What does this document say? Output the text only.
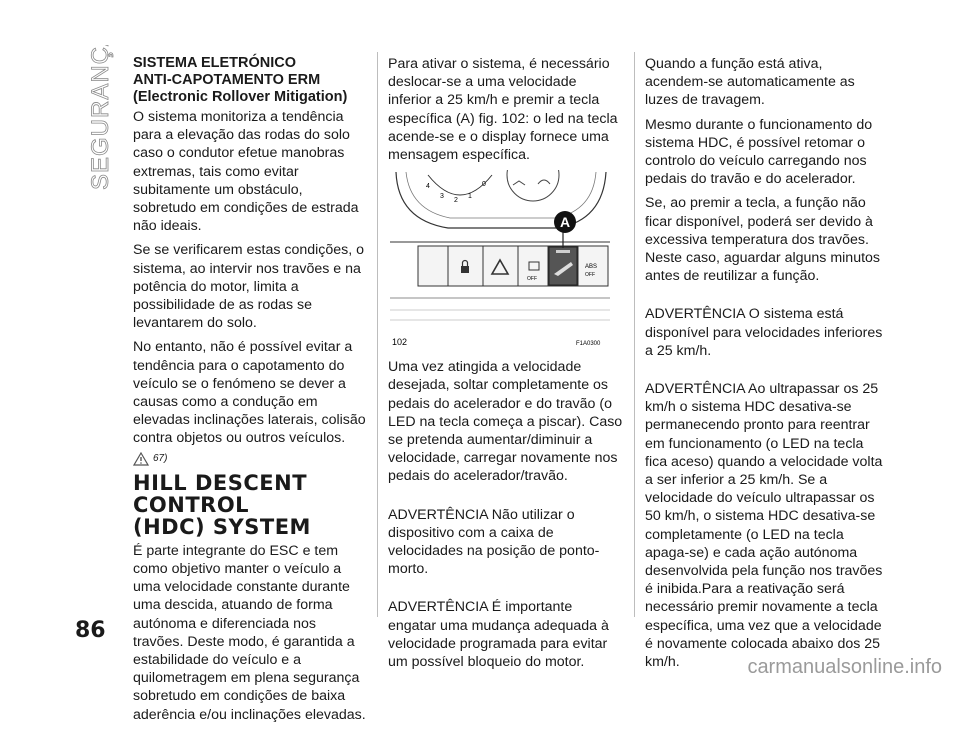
SEGURANÇA SISTEMA ELETRÓNICO
ANTI-CAPOTAMENTO ERM
(Electronic Rollover Mitigation)

O sistema monitoriza a tendência para a elevação das rodas do solo caso o condutor efetue manobras extremas, tais como evitar subitamente um obstáculo, sobretudo em condições de estrada não ideais.

Se se verificarem estas condições, o sistema, ao intervir nos travões e na potência do motor, limita a possibilidade de as rodas se levantarem do solo.

No entanto, não é possível evitar a tendência para o capotamento do veículo se o fenómeno se dever a causas como a condução em elevadas inclinações laterais, colisão contra objetos ou outros veículos.

67)
HILL DESCENT CONTROL
(HDC) SYSTEM

É parte integrante do ESC e tem como objetivo manter o veículo a uma velocidade constante durante uma descida, atuando de forma autónoma e diferenciada nos travões. Deste modo, é garantida a estabilidade do veículo e a quilometragem em plena segurança sobretudo em condições de baixa aderência e/ou inclinações elevadas.

Para ativar o sistema, é necessário deslocar-se a uma velocidade inferior a 25 km/h e premir a tecla específica (A) fig. 102: o led na tecla acende-se e o display fornece uma mensagem específica.

4
3
2
1
0
OFF
ABS
OFF
A
102	F1A0300

Uma vez atingida a velocidade desejada, soltar completamente os pedais do acelerador e do travão (o LED na tecla começa a piscar). Caso se pretenda aumentar/diminuir a velocidade, carregar novamente nos pedais do acelerador/travão.

ADVERTÊNCIA Não utilizar o dispositivo com a caixa de velocidades na posição de ponto-morto.

ADVERTÊNCIA É importante engatar uma mudança adequada à velocidade programada para evitar um possível bloqueio do motor.

Quando a função está ativa, acendem-se automaticamente as luzes de travagem.

Mesmo durante o funcionamento do sistema HDC, é possível retomar o controlo do veículo carregando nos pedais do travão e do acelerador.

Se, ao premir a tecla, a função não ficar disponível, poderá ser devido à excessiva temperatura dos travões. Neste caso, aguardar alguns minutos antes de reutilizar a função.

ADVERTÊNCIA O sistema está disponível para velocidades inferiores a 25 km/h.

ADVERTÊNCIA Ao ultrapassar os 25 km/h o sistema HDC desativa-se permanecendo pronto para reentrar em funcionamento (o LED na tecla fica aceso) quando a velocidade volta a ser inferior a 25 km/h. Se a velocidade do veículo ultrapassar os 50 km/h, o sistema HDC desativa-se completamente (o LED na tecla apaga-se) e cada ação autónoma desenvolvida pela função nos travões é inibida.Para a reativação será necessário premir novamente a tecla específica, uma vez que a velocidade é novamente colocada abaixo dos 25 km/h.

86
carmanualsonline.info
